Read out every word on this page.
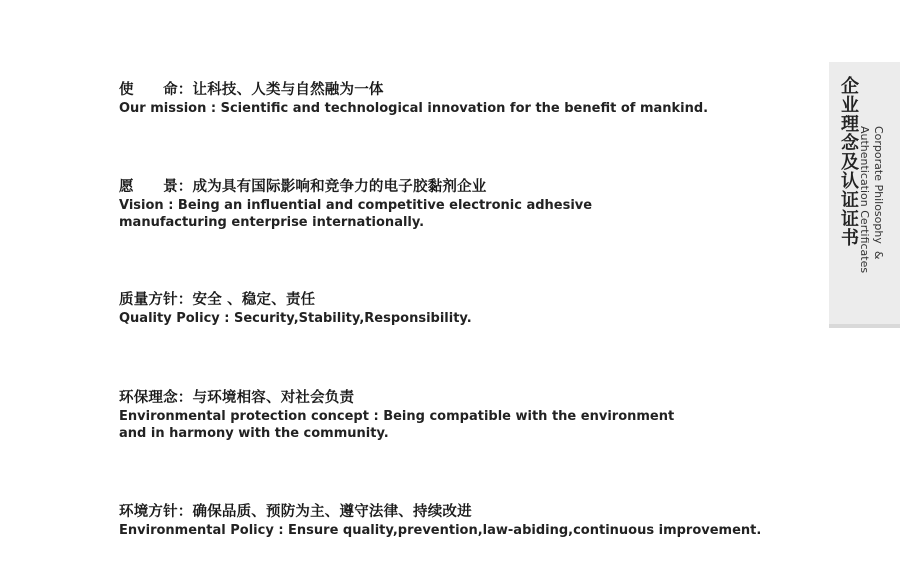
使　　命：让科技、人类与自然融为一体
Our mission : Scientific and technological innovation for the benefit of mankind.
愿　　景：成为具有国际影响和竞争力的电子胶黏剂企业
Vision : Being an influential and competitive electronic adhesive manufacturing enterprise internationally.
质量方针：安全 、稳定、责任
Quality Policy : Security,Stability,Responsibility.
环保理念：与环境相容、对社会负责
Environmental protection concept : Being compatible with the environment and in harmony with the community.
环境方针：确保品质、预防为主、遵守法律、持续改进
Environmental Policy : Ensure quality,prevention,law-abiding,continuous improvement.
企业理念及认证证书	Corporate Philosophy  &
Authentication Certificates
